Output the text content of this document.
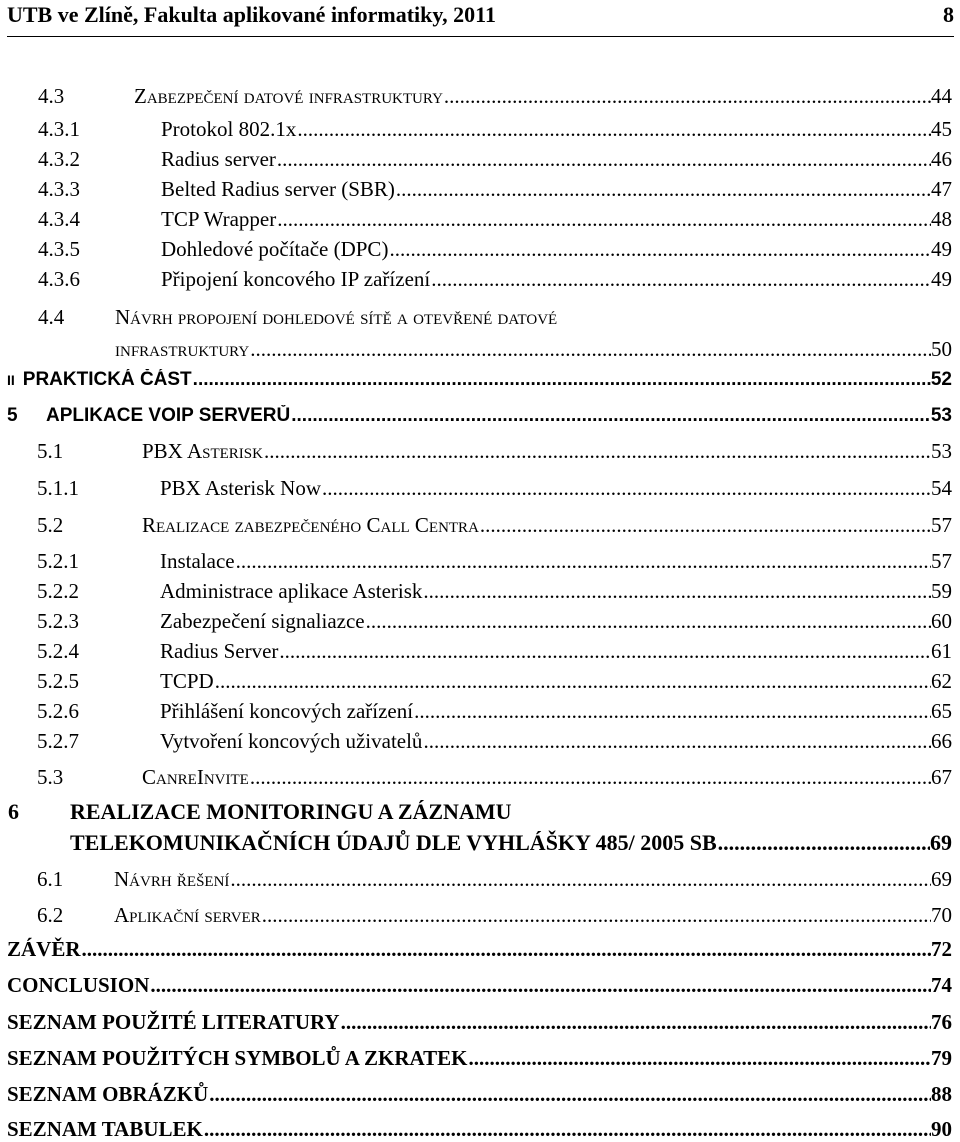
UTB ve Zlíně, Fakulta aplikované informatiky, 2011	8
4.3	Zabezpečení datové infrastruktury .....	44
4.3.1	Protokol 802.1x .....	45
4.3.2	Radius server .....	46
4.3.3	Belted Radius server (SBR) .....	47
4.3.4	TCP Wrapper .....	48
4.3.5	Dohledové počítače (DPC) .....	49
4.3.6	Připojení koncového IP zařízení .....	49
4.4 Návrh propojení dohledové sítě a otevřené datové
infrastruktury .....	50
II PRAKTICKÁ ČÁST .....	52
5	APLIKACE VOIP SERVERŮ .....	53
5.1	PBX Asterisk .....	53
5.1.1	PBX Asterisk Now .....	54
5.2	Realizace zabezpečeného Call Centra .....	57
5.2.1	Instalace .....	57
5.2.2	Administrace aplikace Asterisk .....	59
5.2.3	Zabezpečení signaliazce .....	60
5.2.4	Radius Server .....	61
5.2.5	TCPD .....	62
5.2.6	Přihlášení koncových zařízení .....	65
5.2.7	Vytvoření koncových uživatelů .....	66
5.3	CanreInvite .....	67
6 REALIZACE MONITORINGU A ZÁZNAMU
TELEKOMUNIKAČNÍCH ÚDAJŮ DLE VYHLÁŠKY 485/ 2005 SB .....	69
6.1	Návrh řešení .....	69
6.2	Aplikační server .....	70
ZÁVĚR .....	72
CONCLUSION .....	74
SEZNAM POUŽITÉ LITERATURY .....	76
SEZNAM POUŽITÝCH SYMBOLŮ A ZKRATEK .....	79
SEZNAM OBRÁZKŮ .....	88
SEZNAM TABULEK .....	90
